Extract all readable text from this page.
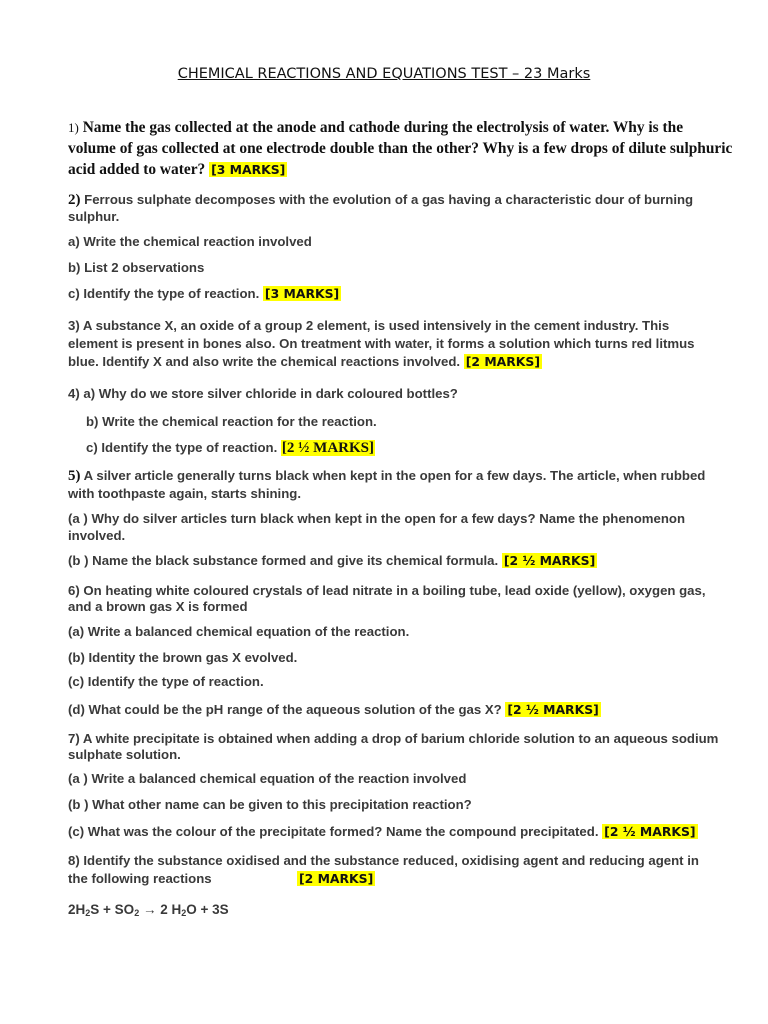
CHEMICAL REACTIONS AND EQUATIONS TEST – 23 Marks
1) Name the gas collected at the anode and cathode during the electrolysis of water. Why is the
volume of gas collected at one electrode double than the other? Why is a few drops of dilute sulphuric
acid added to water? [3 MARKS]
2) Ferrous sulphate decomposes with the evolution of a gas having a characteristic dour of burning
sulphur.
a) Write the chemical reaction involved
b) List 2 observations
c) Identify the type of reaction. [3 MARKS]
3) A substance X, an oxide of a group 2 element, is used intensively in the cement industry. This
element is present in bones also. On treatment with water, it forms a solution which turns red litmus
blue. Identify X and also write the chemical reactions involved. [2 MARKS]
4) a) Why do we store silver chloride in dark coloured bottles?
b) Write the chemical reaction for the reaction.
c) Identify the type of reaction. [2 ½ MARKS]
5) A silver article generally turns black when kept in the open for a few days. The article, when rubbed
with toothpaste again, starts shining.
(a ) Why do silver articles turn black when kept in the open for a few days? Name the phenomenon
involved.
(b ) Name the black substance formed and give its chemical formula. [2 ½ MARKS]
6) On heating white coloured crystals of lead nitrate in a boiling tube, lead oxide (yellow), oxygen gas,
and a brown gas X is formed
(a) Write a balanced chemical equation of the reaction.
(b) Identity the brown gas X evolved.
(c) Identify the type of reaction.
(d) What could be the pH range of the aqueous solution of the gas X? [2 ½ MARKS]
7) A white precipitate is obtained when adding a drop of barium chloride solution to an aqueous sodium
sulphate solution.
(a ) Write a balanced chemical equation of the reaction involved
(b ) What other name can be given to this precipitation reaction?
(c) What was the colour of the precipitate formed? Name the compound precipitated. [2 ½ MARKS]
8) Identify the substance oxidised and the substance reduced, oxidising agent and reducing agent in
the following reactions	[2 MARKS]
$2H_2S + SO_2 \to 2$ $H_2O + 3S$
